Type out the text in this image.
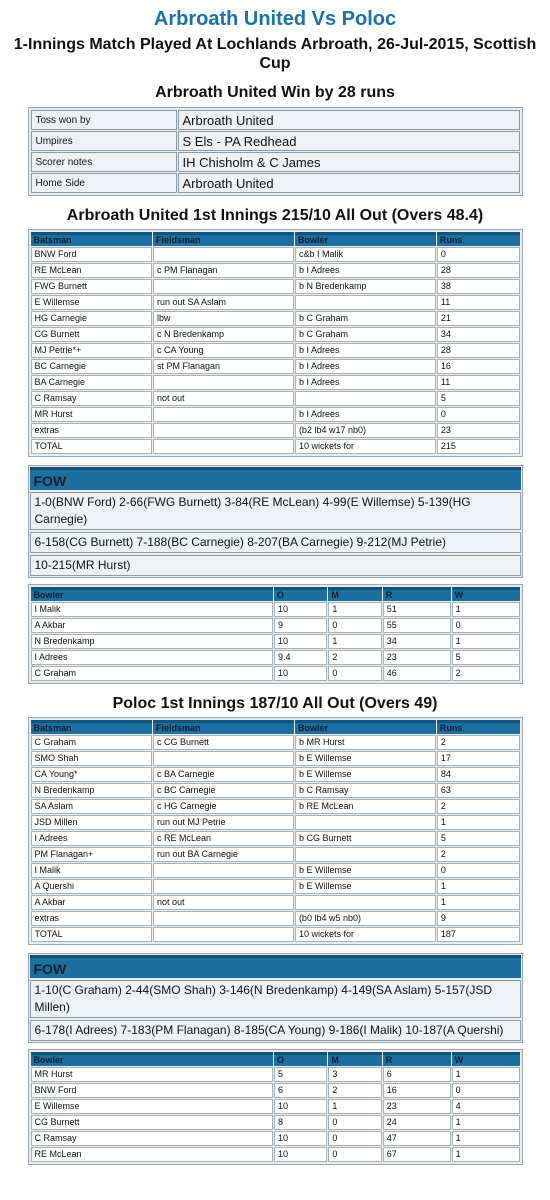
Arbroath United Vs Poloc
1-Innings Match Played At Lochlands Arbroath, 26-Jul-2015, Scottish Cup
Arbroath United Win by 28 runs
Toss won by	Arbroath United
Umpires	S Els - PA Redhead
Scorer notes	IH Chisholm & C James
Home Side	Arbroath United
Arbroath United 1st Innings 215/10 All Out (Overs 48.4)
Batsman	Fieldsman	Bowler	Runs
BNW Ford		c&b I Malik	0
RE McLean	c PM Flanagan	b I Adrees	28
FWG Burnett		b N Bredenkamp	38
E Willemse	run out SA Aslam		11
HG Carnegie	lbw	b C Graham	21
CG Burnett	c N Bredenkamp	b C Graham	34
MJ Petrie*+	c CA Young	b I Adrees	28
BC Carnegie	st PM Flanagan	b I Adrees	16
BA Carnegie		b I Adrees	11
C Ramsay	not out		5
MR Hurst		b I Adrees	0
extras		(b2 lb4 w17 nb0)	23
TOTAL		10 wickets for	215
FOW
1-0(BNW Ford) 2-66(FWG Burnett) 3-84(RE McLean) 4-99(E Willemse) 5-139(HG Carnegie)
6-158(CG Burnett) 7-188(BC Carnegie) 8-207(BA Carnegie) 9-212(MJ Petrie)
10-215(MR Hurst)
Bowler	O	M	R	W
I Malik	10	1	51	1
A Akbar	9	0	55	0
N Bredenkamp	10	1	34	1
I Adrees	9.4	2	23	5
C Graham	10	0	46	2
Poloc 1st Innings 187/10 All Out (Overs 49)
Batsman	Fieldsman	Bowler	Runs
C Graham	c CG Burnett	b MR Hurst	2
SMO Shah		b E Willemse	17
CA Young*	c BA Carnegie	b E Willemse	84
N Bredenkamp	c BC Carnegie	b C Ramsay	63
SA Aslam	c HG Carnegie	b RE McLean	2
JSD Millen	run out MJ Petrie		1
I Adrees	c RE McLean	b CG Burnett	5
PM Flanagan+	run out BA Carnegie		2
I Malik		b E Willemse	0
A Quershi		b E Willemse	1
A Akbar	not out		1
extras		(b0 lb4 w5 nb0)	9
TOTAL		10 wickets for	187
FOW
1-10(C Graham) 2-44(SMO Shah) 3-146(N Bredenkamp) 4-149(SA Aslam) 5-157(JSD Millen)
6-178(I Adrees) 7-183(PM Flanagan) 8-185(CA Young) 9-186(I Malik) 10-187(A Quershi)
Bowler	O	M	R	W
MR Hurst	5	3	6	1
BNW Ford	6	2	16	0
E Willemse	10	1	23	4
CG Burnett	8	0	24	1
C Ramsay	10	0	47	1
RE McLean	10	0	67	1
